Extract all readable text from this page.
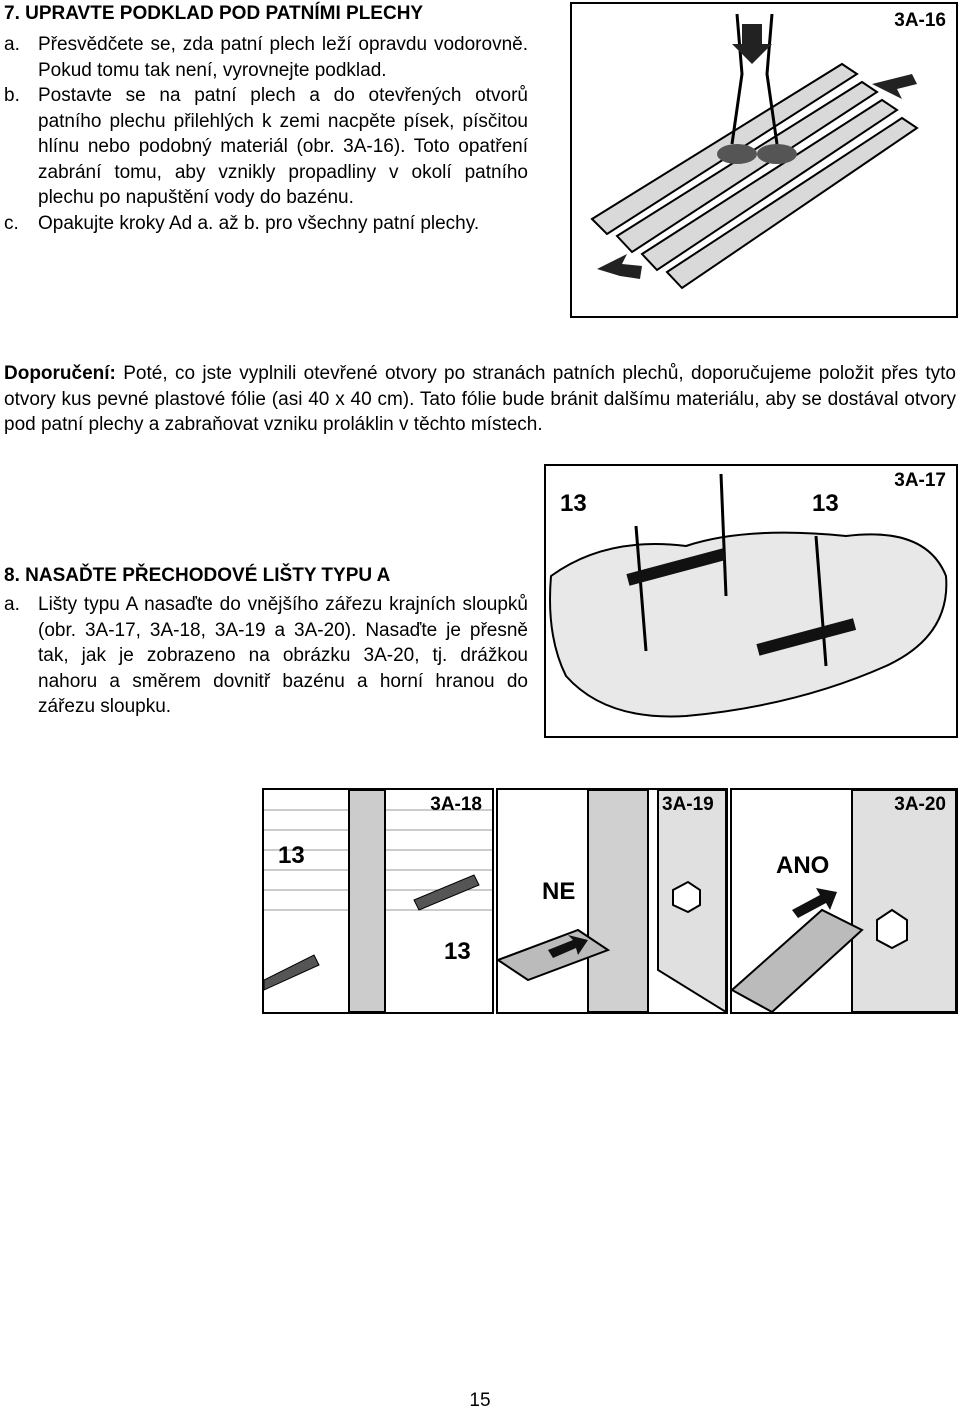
7. UPRAVTE PODKLAD POD PATNÍMI PLECHY
a. Přesvědčete se, zda patní plech leží opravdu vodorovně. Pokud tomu tak není, vyrovnejte podklad.
b. Postavte se na patní plech a do otevřených otvorů patního plechu přilehlých k zemi nacpěte písek, písčitou hlínu nebo podobný materiál (obr. 3A-16). Toto opatření zabrání tomu, aby vznikly propadliny v okolí patního plechu po napuštění vody do bazénu.
c. Opakujte kroky Ad a. až b. pro všechny patní plechy.
3A-16

Doporučení: Poté, co jste vyplnili otevřené otvory po stranách patních plechů, doporučujeme položit přes tyto otvory kus pevné plastové fólie (asi 40 x 40 cm). Tato fólie bude bránit dalšímu materiálu, aby se dostával otvory pod patní plechy a zabraňovat vzniku proláklin v těchto místech.

3A-17
13	13
8. NASAĎTE PŘECHODOVÉ LIŠTY TYPU A
a. Lišty typu A nasaďte do vnějšího zářezu krajních sloupků (obr. 3A-17, 3A-18, 3A-19 a 3A-20). Nasaďte je přesně tak, jak je zobrazeno na obrázku 3A-20, tj. drážkou nahoru a směrem dovnitř bazénu a horní hranou do zářezu sloupku.
3A-18
13
13
3A-19
NE
3A-20
ANO
15
